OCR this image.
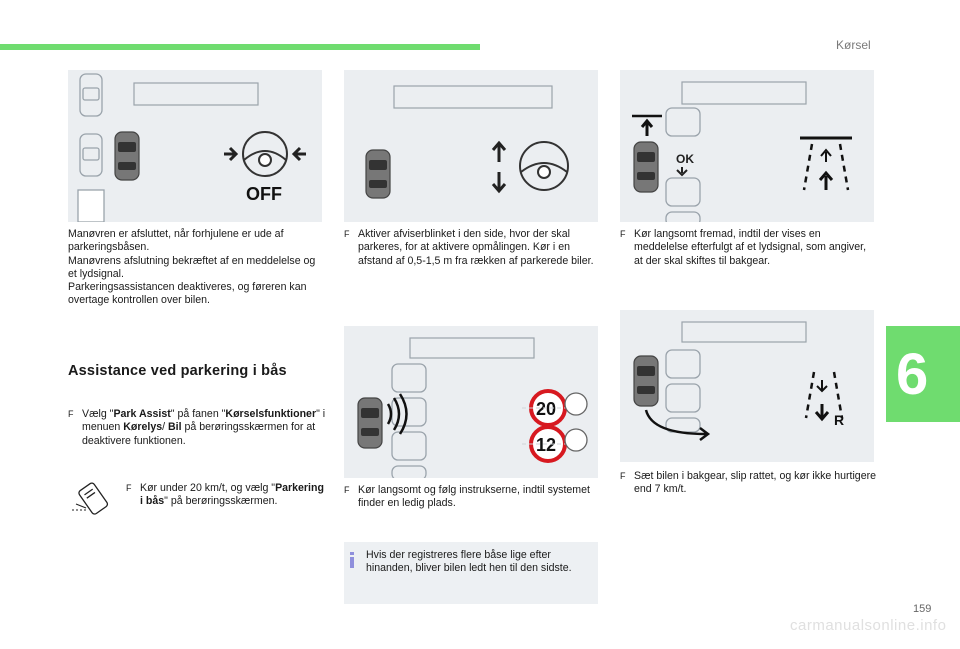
Kørsel
6
OFF
OK

Manøvren er afsluttet, når forhjulene er ude af parkeringsbåsen.

Manøvrens afslutning bekræftet af en meddelelse og et lydsignal.

Parkeringsassistancen deaktiveres, og føreren kan overtage kontrollen over bilen.

Assistance ved parkering i bås
F Vælg "Park Assist" på fanen "Kørselsfunktioner" i menuen Kørelys/ Bil på berøringsskærmen for at deaktivere funktionen.
F Kør under 20 km/t, og vælg "Parkering i bås" på berøringsskærmen.
F Aktiver afviserblinket i den side, hvor der skal parkeres, for at aktivere opmålingen. Kør i en afstand af 0,5-1,5 m fra rækken af parkerede biler.
20
12
F Kør langsomt og følg instrukserne, indtil systemet finder en ledig plads.
Hvis der registreres flere båse lige efter hinanden, bliver bilen ledt hen til den sidste.
R
F Kør langsomt fremad, indtil der vises en meddelelse efterfulgt af et lydsignal, som angiver, at der skal skiftes til bakgear.
F Sæt bilen i bakgear, slip rattet, og kør ikke hurtigere end 7 km/t.
159
carmanualsonline.info
